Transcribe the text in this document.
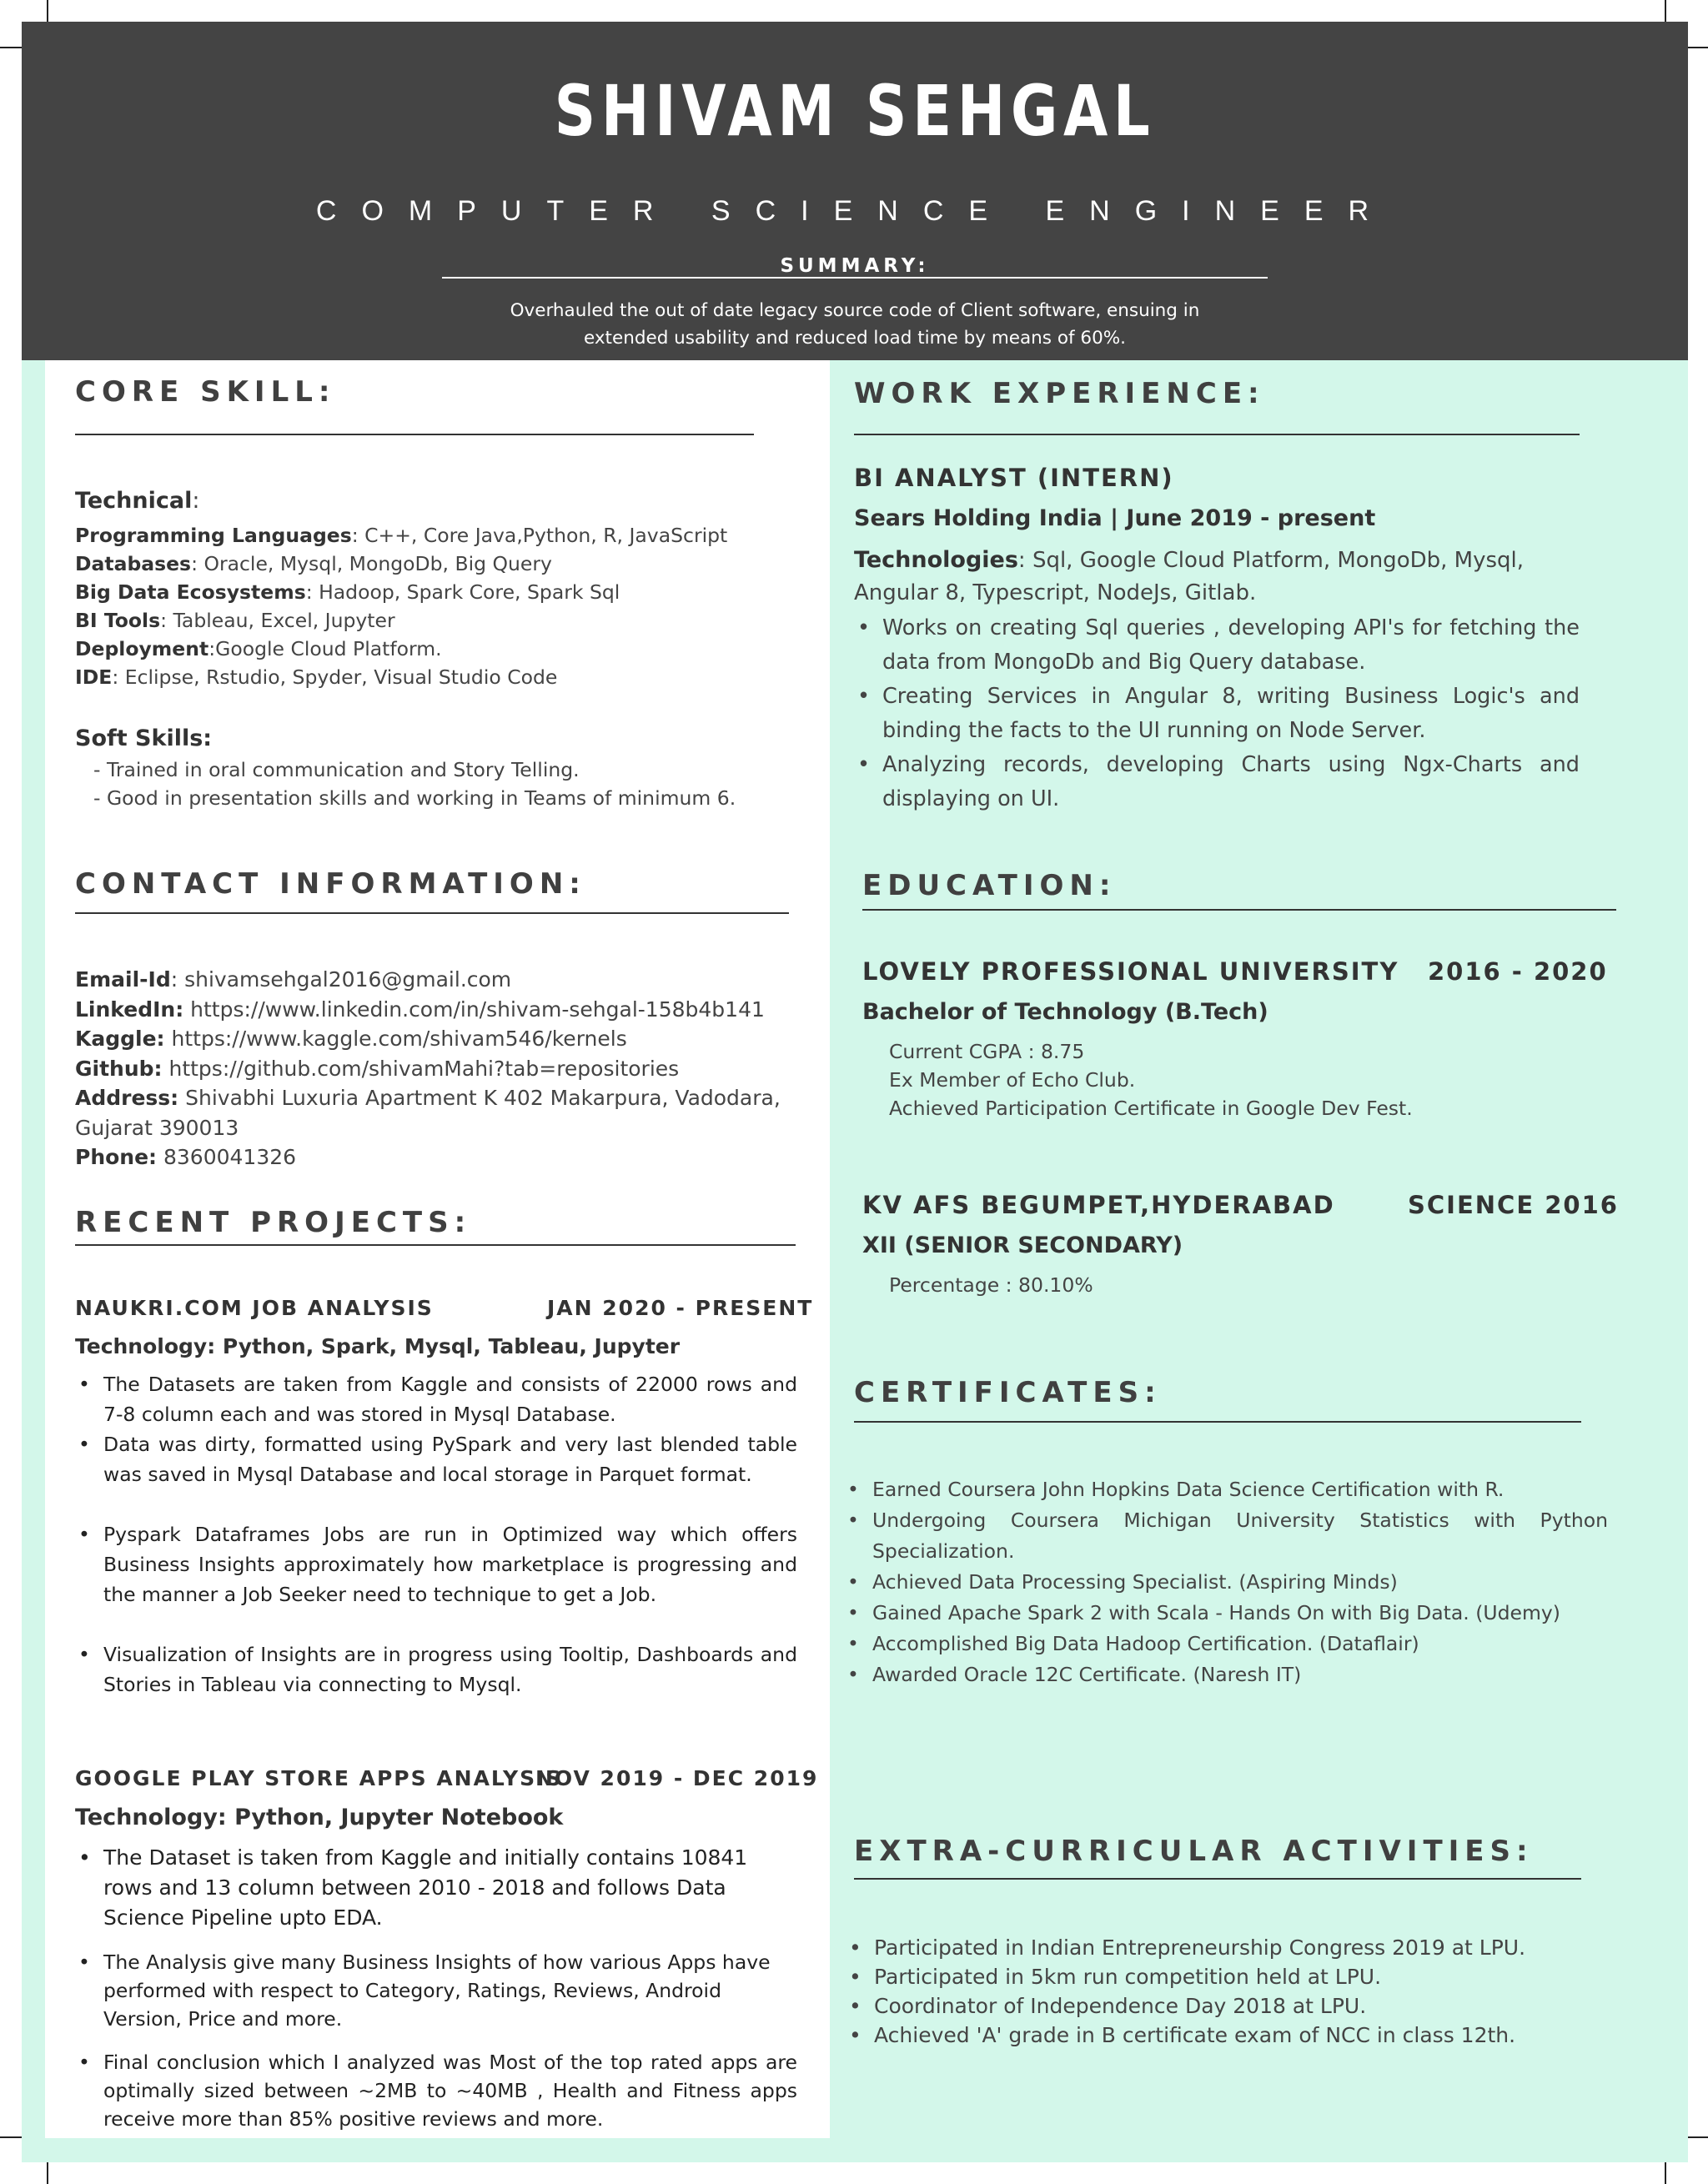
SHIVAM SEHGAL
COMPUTER SCIENCE ENGINEER
SUMMARY:
Overhauled the out of date legacy source code of Client software, ensuing in
extended usability and reduced load time by means of 60%.
CORE SKILL:
Technical:
Programming Languages: C++, Core Java,Python, R, JavaScript
Databases: Oracle, Mysql, MongoDb, Big Query
Big Data Ecosystems: Hadoop, Spark Core, Spark Sql
BI Tools: Tableau, Excel, Jupyter
Deployment:Google Cloud Platform.
IDE: Eclipse, Rstudio, Spyder, Visual Studio Code
Soft Skills:
- Trained in oral communication and Story Telling.
- Good in presentation skills and working in Teams of minimum 6.
CONTACT INFORMATION:
Email-Id: shivamsehgal2016@gmail.com
LinkedIn: https://www.linkedin.com/in/shivam-sehgal-158b4b141
Kaggle: https://www.kaggle.com/shivam546/kernels
Github: https://github.com/shivamMahi?tab=repositories
Address: Shivabhi Luxuria Apartment K 402 Makarpura, Vadodara,
Gujarat 390013
Phone: 8360041326
RECENT PROJECTS:
NAUKRI.COM JOB ANALYSIS	JAN 2020 - PRESENT
Technology: Python, Spark, Mysql, Tableau, Jupyter
• The Datasets are taken from Kaggle and consists of 22000 rows and 7-8 column each and was stored in Mysql Database.
• Data was dirty, formatted using PySpark and very last blended table was saved in Mysql Database and local storage in Parquet format.
• Pyspark Dataframes Jobs are run in Optimized way which offers Business Insights approximately how marketplace is progressing and the manner a Job Seeker need to technique to get a Job.
• Visualization of Insights are in progress using Tooltip, Dashboards and Stories in Tableau via connecting to Mysql.
GOOGLE PLAY STORE APPS ANALYSIS
NOV 2019 - DEC 2019
Technology: Python, Jupyter Notebook
• The Dataset is taken from Kaggle and initially contains 10841 rows and 13 column between 2010 - 2018 and follows Data Science Pipeline upto EDA.
• The Analysis give many Business Insights of how various Apps have performed with respect to Category, Ratings, Reviews, Android Version, Price and more.
• Final conclusion which I analyzed was Most of the top rated apps are optimally sized between ~2MB to ~40MB , Health and Fitness apps receive more than 85% positive reviews and more.
WORK EXPERIENCE:
BI ANALYST (INTERN)
Sears Holding India | June 2019 - present
Technologies: Sql, Google Cloud Platform, MongoDb, Mysql,
Angular 8, Typescript, NodeJs, Gitlab.
• Works on creating Sql queries , developing API's for fetching the data from MongoDb and Big Query database.
• Creating Services in Angular 8, writing Business Logic's and binding the facts to the UI running on Node Server.
• Analyzing records, developing Charts using Ngx-Charts and displaying on UI.
EDUCATION:
LOVELY PROFESSIONAL UNIVERSITY 2016 - 2020
Bachelor of Technology (B.Tech)
Current CGPA : 8.75
Ex Member of Echo Club.
Achieved Participation Certificate in Google Dev Fest.
KV AFS BEGUMPET,HYDERABAD	SCIENCE 2016
XII (SENIOR SECONDARY)
Percentage : 80.10%
CERTIFICATES:
• Earned Coursera John Hopkins Data Science Certification with R.
• Undergoing Coursera Michigan University Statistics with Python Specialization.
• Achieved Data Processing Specialist. (Aspiring Minds)
• Gained Apache Spark 2 with Scala - Hands On with Big Data. (Udemy)
• Accomplished Big Data Hadoop Certification. (Dataflair)
• Awarded Oracle 12C Certificate. (Naresh IT)
EXTRA-CURRICULAR ACTIVITIES:
• Participated in Indian Entrepreneurship Congress 2019 at LPU.
• Participated in 5km run competition held at LPU.
• Coordinator of Independence Day 2018 at LPU.
• Achieved 'A' grade in B certificate exam of NCC in class 12th.
